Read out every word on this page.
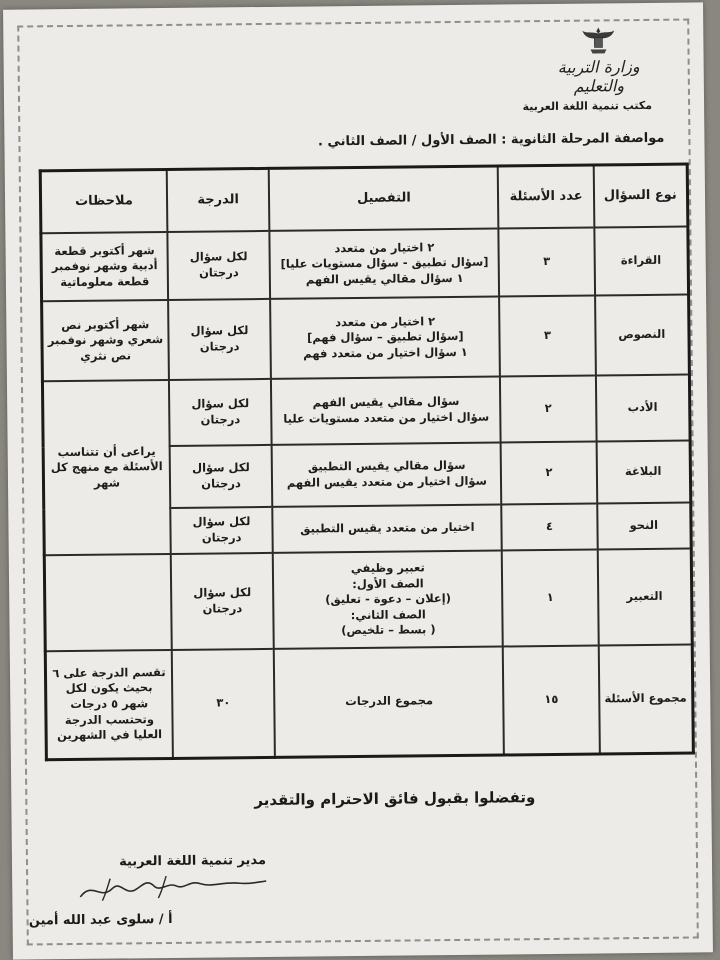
وزارة التربية والتعليم
مكتب تنمية اللغة العربية
مواصفة المرحلة الثانوية : الصف الأول / الصف الثاني .
نوع السؤال	عدد الأسئلة	التفصيل	الدرجة	ملاحظات
القراءة	٣	٢ اختيار من متعدد
[سؤال تطبيق - سؤال مستويات عليا]
١ سؤال مقالي يقيس الفهم	لكل سؤال درجتان	شهر أكتوبر قطعة أدبية وشهر نوفمبر قطعة معلوماتية
النصوص	٣	٢ اختيار من متعدد
[سؤال تطبيق – سؤال فهم]
١ سؤال اختيار من متعدد فهم	لكل سؤال درجتان	شهر أكتوبر نص شعري وشهر نوفمبر نص نثري
الأدب	٢	سؤال مقالي يقيس الفهم
سؤال اختيار من متعدد مستويات عليا	لكل سؤال درجتان	يراعى أن تتناسب الأسئلة مع منهج كل شهر
البلاغة	٢	سؤال مقالي يقيس التطبيق
سؤال اختيار من متعدد يقيس الفهم	لكل سؤال درجتان	
النحو	٤	اختيار من متعدد يقيس التطبيق	لكل سؤال درجتان	
التعبير	١	تعبير وظيفي
الصف الأول:
(إعلان – دعوة - تعليق)
الصف الثاني:
( بسط – تلخيص)	لكل سؤال درجتان	
مجموع الأسئلة	١٥	مجموع الدرجات	٣٠	تقسم الدرجة على ٦ بحيث يكون لكل شهر ٥ درجات وتحتسب الدرجة العليا في الشهرين
وتفضلوا بقبول فائق الاحترام والتقدير
مدير تنمية اللغة العربية
أ / سلوى عبد الله أمين
